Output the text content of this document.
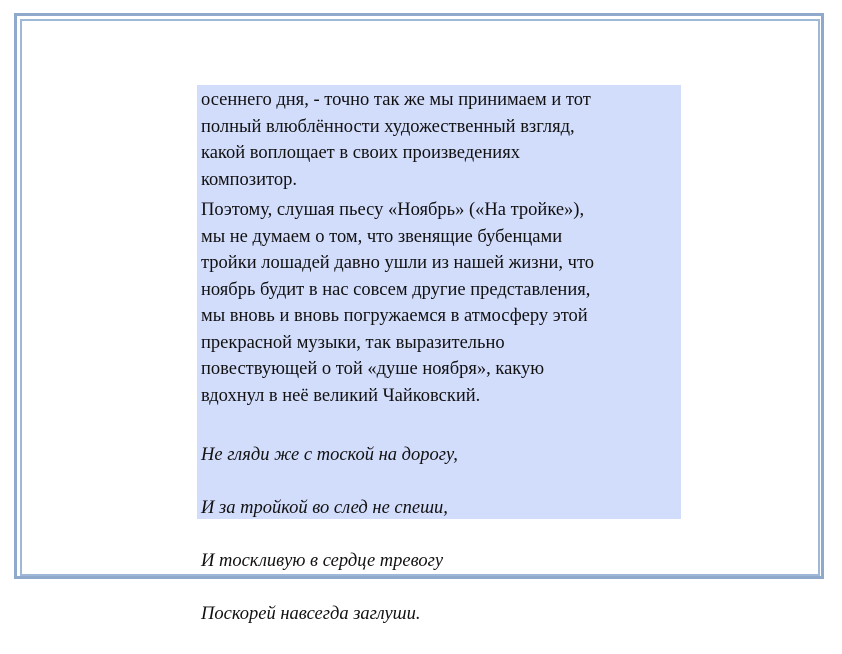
осеннего дня, - точно так же мы принимаем и тот
полный влюблённости художественный взгляд,
какой воплощает в своих произведениях
композитор.

Поэтому, слушая пьесу «Ноябрь» («На тройке»),
мы не думаем о том, что звенящие бубенцами
тройки лошадей давно ушли из нашей жизни, что
ноябрь будит в нас совсем другие представления,
мы вновь и вновь погружаемся в атмосферу этой
прекрасной музыки, так выразительно
повествующей о той «душе ноября», какую
вдохнул в неё великий Чайковский.

Не гляди же с тоской на дорогу,

И за тройкой во след не спеши,

И тоскливую в сердце тревогу

Поскорей навсегда заглуши.
